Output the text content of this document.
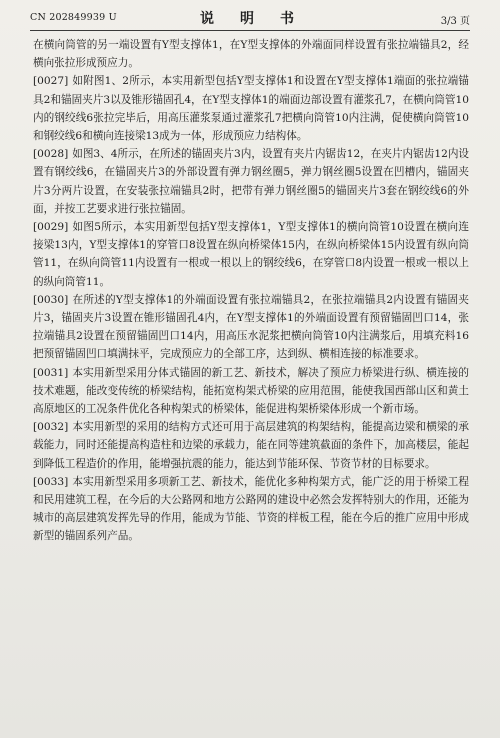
CN 202849939 U	说　明　书	3/3 页

在横向筒管的另一端设置有Y型支撑体1，在Y型支撑体的外端面同样设置有张拉端锚具2，经横向张拉形成预应力。

[0027] 如附图1、2所示，本实用新型包括Y型支撑体1和设置在Y型支撑体1端面的张拉端锚具2和锚固夹片3以及锥形锚固孔4，在Y型支撑体1的端面边部设置有灌浆孔7，在横向筒管10内的钢绞线6张拉完毕后，用高压灌浆泵通过灌浆孔7把横向筒管10内注满，促使横向筒管10和钢绞线6和横向连接梁13成为一体，形成预应力结构体。

[0028] 如图3、4所示，在所述的锚固夹片3内，设置有夹片内锯齿12，在夹片内锯齿12内设置有钢绞线6，在锚固夹片3的外部设置有弹力钢丝圈5，弹力钢丝圈5设置在凹槽内，锚固夹片3分两片设置，在安装张拉端锚具2时，把带有弹力钢丝圈5的锚固夹片3套在钢绞线6的外面，并按工艺要求进行张拉锚固。

[0029] 如图5所示，本实用新型包括Y型支撑体1，Y型支撑体1的横向筒管10设置在横向连接梁13内，Y型支撑体1的穿管口8设置在纵向桥梁体15内，在纵向桥梁体15内设置有纵向筒管11，在纵向筒管11内设置有一根或一根以上的钢绞线6，在穿管口8内设置一根或一根以上的纵向筒管11。

[0030] 在所述的Y型支撑体1的外端面设置有张拉端锚具2，在张拉端锚具2内设置有锚固夹片3，锚固夹片3设置在锥形锚固孔4内，在Y型支撑体1的外端面设置有预留锚固凹口14，张拉端锚具2设置在预留锚固凹口14内，用高压水泥浆把横向筒管10内注满浆后，用填充料16把预留锚固凹口填满抹平，完成预应力的全部工序，达到纵、横相连接的标准要求。

[0031] 本实用新型采用分体式锚固的新工艺、新技术，解决了预应力桥梁进行纵、横连接的技术难题，能改变传统的桥梁结构，能拓宽构架式桥梁的应用范围，能使我国西部山区和黄土高原地区的工况条件优化各种构架式的桥梁体，能促进构架桥梁体形成一个新市场。

[0032] 本实用新型的采用的结构方式还可用于高层建筑的构架结构，能提高边梁和横梁的承载能力，同时还能提高构造柱和边梁的承载力，能在同等建筑截面的条件下，加高楼层，能起到降低工程造价的作用，能增强抗震的能力，能达到节能环保、节资节材的目标要求。

[0033] 本实用新型采用多项新工艺、新技术，能优化多种构架方式，能广泛的用于桥梁工程和民用建筑工程，在今后的大公路网和地方公路网的建设中必然会发挥特别大的作用，还能为城市的高层建筑发挥先导的作用，能成为节能、节资的样板工程，能在今后的推广应用中形成新型的锚固系列产品。
